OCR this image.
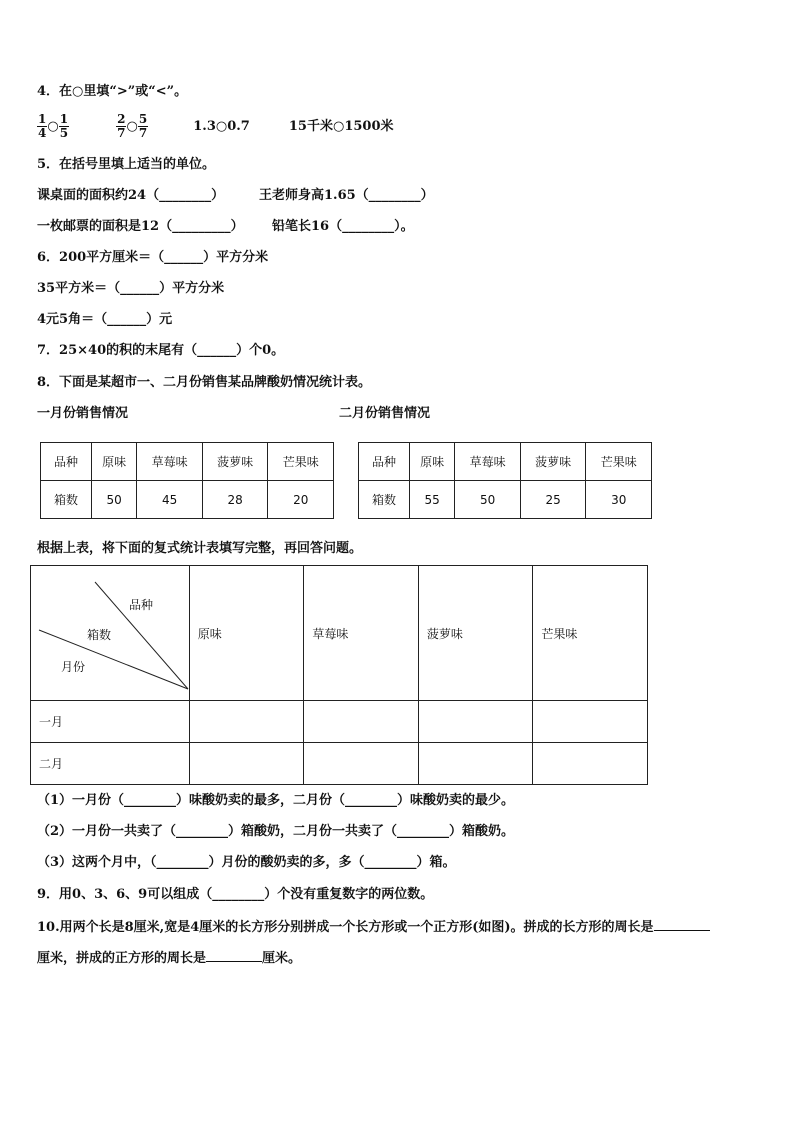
4．在○里填“>”或“<”。
$\frac{1}{4}$ ○ $\frac{1}{5}$
	$\frac{2}{7}$ ○ $\frac{5}{7}$	1.3○0.7	15千米○1500米
5．在括号里填上适当的单位。
课桌面的面积约24（________）	王老师身高1.65（________）
一枚邮票的面积是12（_________） 铅笔长16（________）。
6．200平方厘米＝（______）平方分米
35平方米＝（______）平方分米
4元5角＝（______）元
7．25×40的积的末尾有（______）个0。
8．下面是某超市一、二月份销售某品牌酸奶情况统计表。
一月份销售情况	二月份销售情况
品种	原味	草莓味	菠萝味	芒果味
箱数	50	45	28	20
品种	原味	草莓味	菠萝味	芒果味
箱数	55	50	25	30
根据上表，将下面的复式统计表填写完整，再回答问题。
品种
箱数
月份	原味	草莓味	菠萝味	芒果味
一月				
二月				
（1）一月份（________）味酸奶卖的最多，二月份（________）味酸奶卖的最少。
（2）一月份一共卖了（________）箱酸奶，二月份一共卖了（________）箱酸奶。
（3）这两个月中，（________）月份的酸奶卖的多，多（________）箱。
9．用0、3、6、9可以组成（________）个没有重复数字的两位数。
10.用两个长是8厘米,宽是4厘米的长方形分别拼成一个长方形或一个正方形(如图)。拼成的长方形的周长是
厘米，拼成的正方形的周长是	厘米。
